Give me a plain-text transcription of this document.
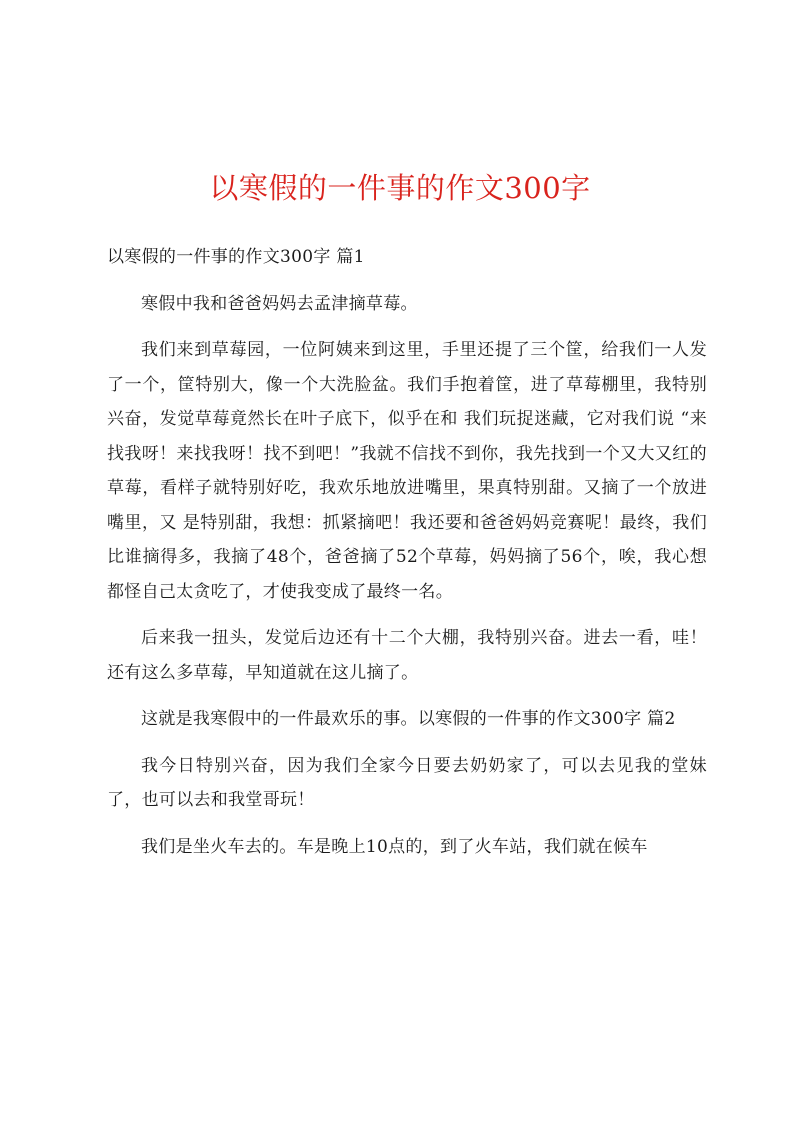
以寒假的一件事的作文300字

以寒假的一件事的作文300字 篇1

寒假中我和爸爸妈妈去孟津摘草莓。

我们来到草莓园，一位阿姨来到这里，手里还提了三个筐，给我们一人发了一个，筐特别大，像一个大洗脸盆。我们手抱着筐，进了草莓棚里，我特别兴奋，发觉草莓竟然长在叶子底下，似乎在和 我们玩捉迷藏，它对我们说 “来找我呀！来找我呀！找不到吧！”我就不信找不到你，我先找到一个又大又红的草莓，看样子就特别好吃，我欢乐地放进嘴里，果真特别甜。又摘了一个放进嘴里，又 是特别甜，我想：抓紧摘吧！我还要和爸爸妈妈竞赛呢！最终，我们比谁摘得多，我摘了48个，爸爸摘了52个草莓，妈妈摘了56个，唉，我心想都怪自己太贪吃了，才使我变成了最终一名。

后来我一扭头，发觉后边还有十二个大棚，我特别兴奋。进去一看，哇！还有这么多草莓，早知道就在这儿摘了。

这就是我寒假中的一件最欢乐的事。以寒假的一件事的作文300字 篇2

我今日特别兴奋，因为我们全家今日要去奶奶家了，可以去见我的堂妹了，也可以去和我堂哥玩！

我们是坐火车去的。车是晚上10点的，到了火车站，我们就在候车
